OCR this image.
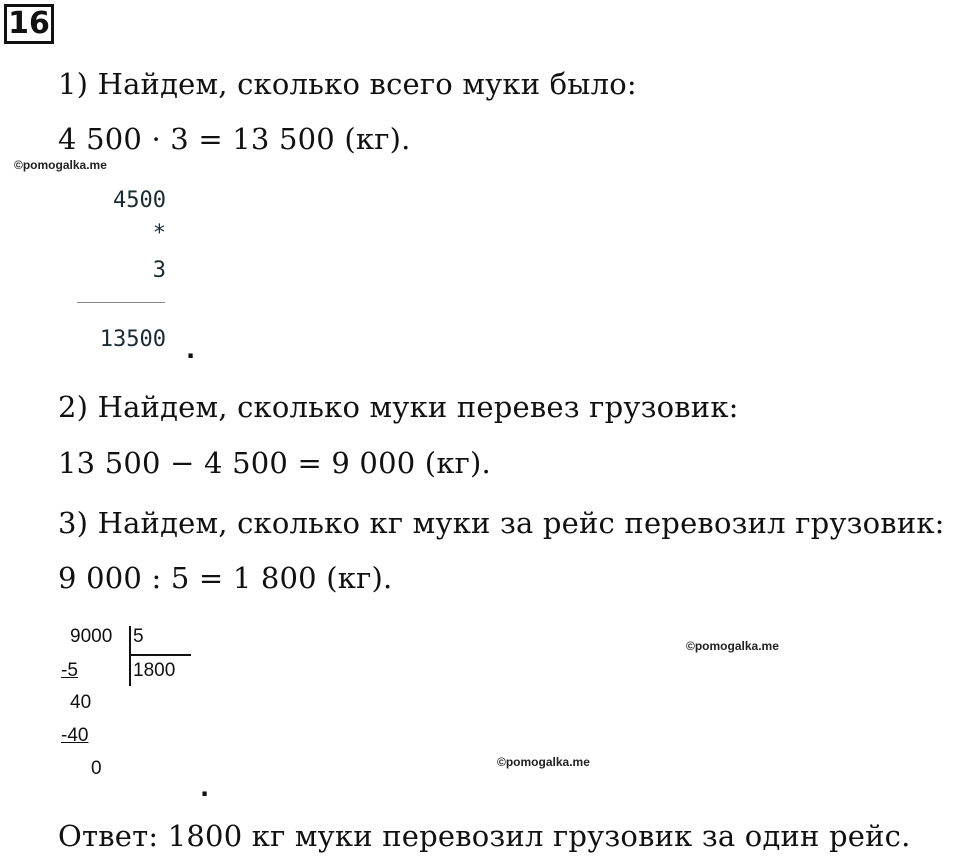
16
1) Найдем, сколько всего муки было:
4 500 · 3 = 13 500 (кг).
©pomogalka.me
4500
*
3
13500 .
2) Найдем, сколько муки перевез грузовик:
13 500 − 4 500 = 9 000 (кг).
3) Найдем, сколько кг муки за рейс перевозил грузовик:
9 000 : 5 = 1 800 (кг).
9000 5
1800
-5
40
-40
0
©pomogalka.me
©pomogalka.me
.
Ответ: 1800 кг муки перевозил грузовик за один рейс.
